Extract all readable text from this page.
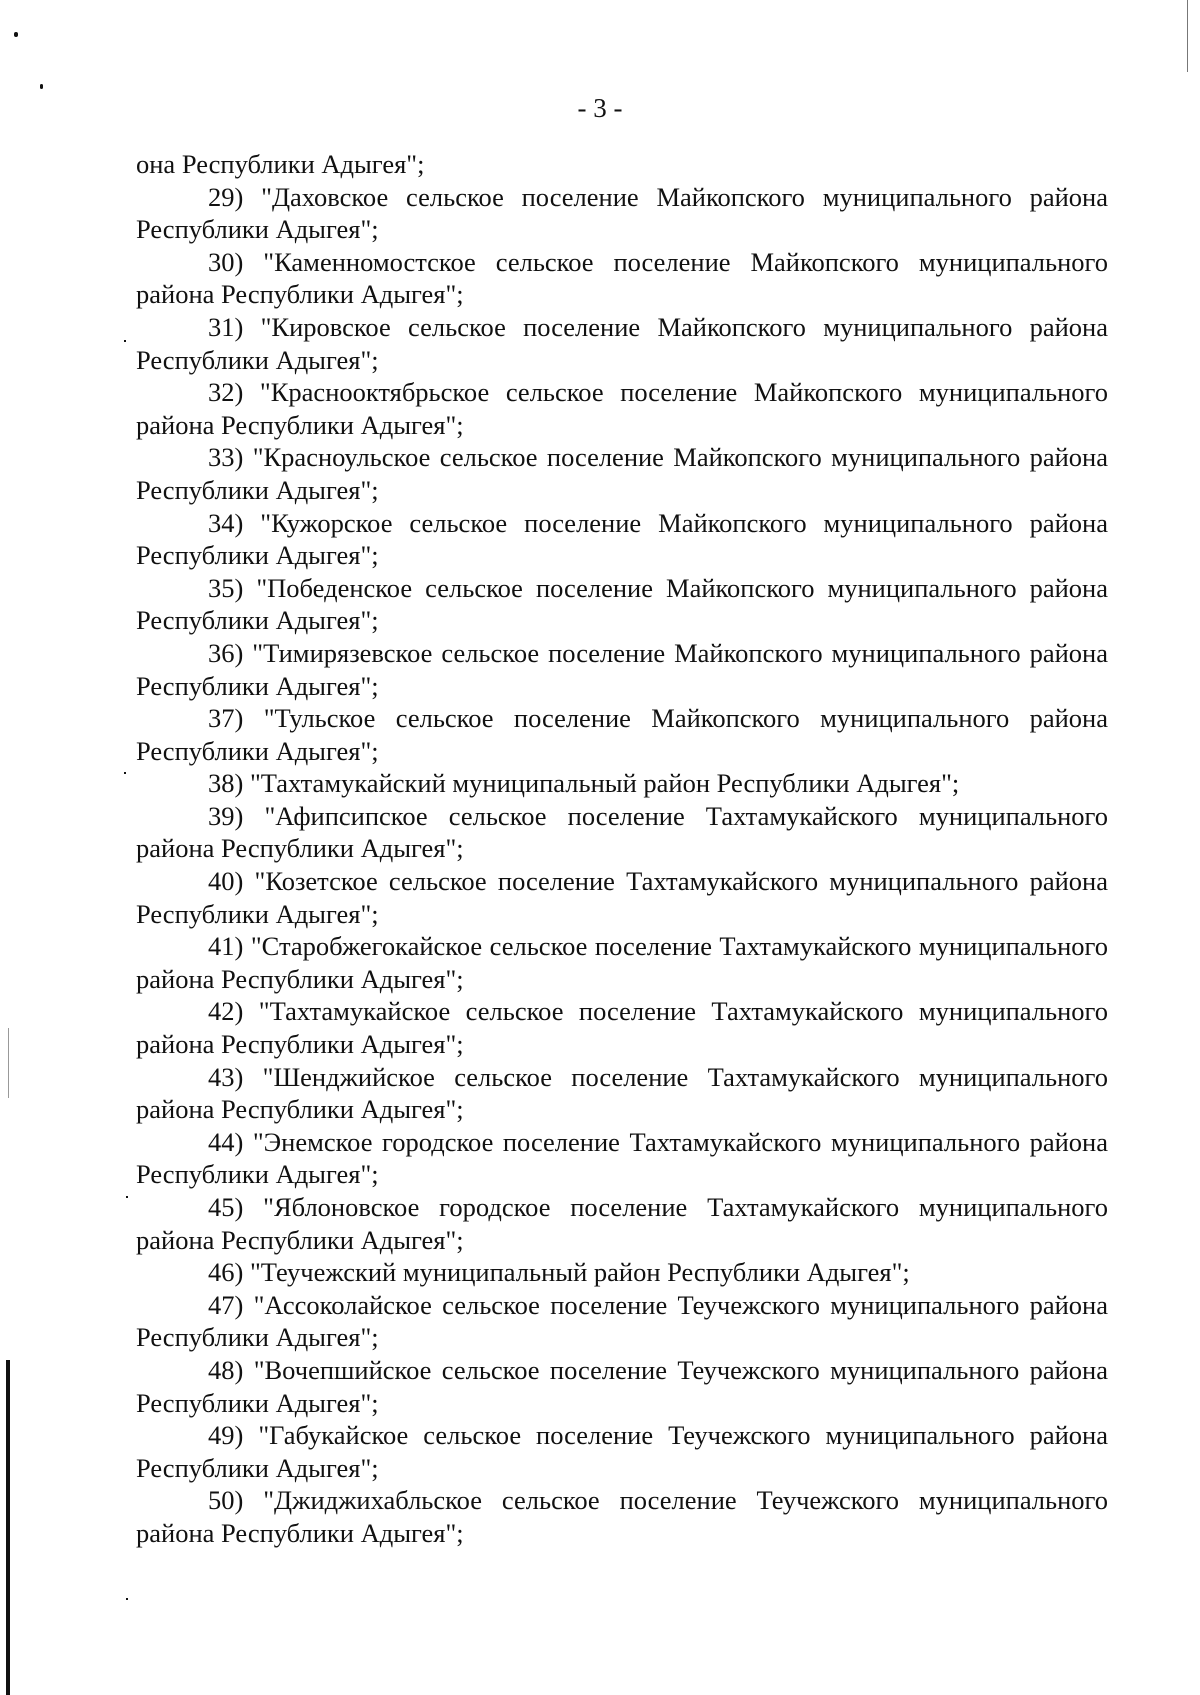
- 3 -

она Республики Адыгея";

29) "Даховское сельское поселение Майкопского муниципального района Республики Адыгея";

30) "Каменномостское сельское поселение Майкопского муниципального района Республики Адыгея";

31) "Кировское сельское поселение Майкопского муниципального района Республики Адыгея";

32) "Краснооктябрьское сельское поселение Майкопского муниципального района Республики Адыгея";

33) "Красноульское сельское поселение Майкопского муниципального района Республики Адыгея";

34) "Кужорское сельское поселение Майкопского муниципального района Республики Адыгея";

35) "Победенское сельское поселение Майкопского муниципального района Республики Адыгея";

36) "Тимирязевское сельское поселение Майкопского муниципального района Республики Адыгея";

37) "Тульское сельское поселение Майкопского муниципального района Республики Адыгея";

38) "Тахтамукайский муниципальный район Республики Адыгея";

39) "Афипсипское сельское поселение Тахтамукайского муниципального района Республики Адыгея";

40) "Козетское сельское поселение Тахтамукайского муниципального района Республики Адыгея";

41) "Старобжегокайское сельское поселение Тахтамукайского муниципального района Республики Адыгея";

42) "Тахтамукайское сельское поселение Тахтамукайского муниципального района Республики Адыгея";

43) "Шенджийское сельское поселение Тахтамукайского муниципального района Республики Адыгея";

44) "Энемское городское поселение Тахтамукайского муниципального района Республики Адыгея";

45) "Яблоновское городское поселение Тахтамукайского муниципального района Республики Адыгея";

46) "Теучежский муниципальный район Республики Адыгея";

47) "Ассоколайское сельское поселение Теучежского муниципального района Республики Адыгея";

48) "Вочепшийское сельское поселение Теучежского муниципального района Республики Адыгея";

49) "Габукайское сельское поселение Теучежского муниципального района Республики Адыгея";

50) "Джиджихабльское сельское поселение Теучежского муниципального района Республики Адыгея";
